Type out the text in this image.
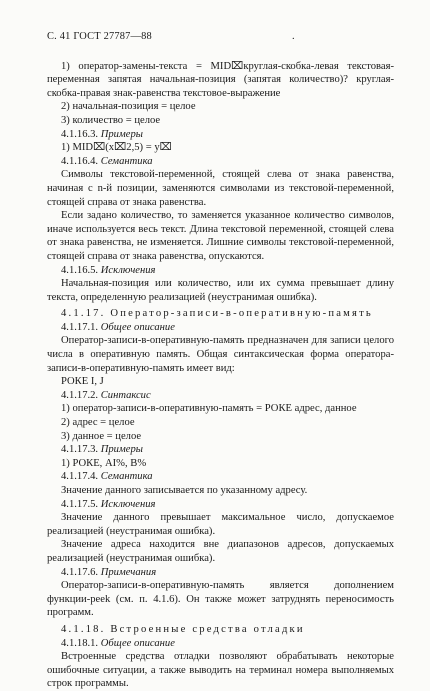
С. 41 ГОСТ 27787—88	.

1) оператор-замены-текста = MID⌧круглая-скобка-левая текстовая-переменная запятая начальная-позиция (запятая количество)? круглая-скобка-правая знак-равенства текстовое-выражение

2) начальная-позиция = целое

3) количество = целое

4.1.16.3. Примеры

1) MID⌧(х⌧2,5) = у⌧

4.1.16.4. Семантика

Символы текстовой-переменной, стоящей слева от знака равенства, начиная с n-й позиции, заменяются символами из текстовой-переменной, стоящей справа от знака равенства.

Если задано количество, то заменяется указанное количество символов, иначе используется весь текст. Длина текстовой переменной, стоящей слева от знака равенства, не изменяется. Лишние символы текстовой-переменной, стоящей справа от знака равенства, опускаются.

4.1.16.5. Исключения

Начальная-позиция или количество, или их сумма превышает длину текста, определенную реализацией (неустранимая ошибка).

4.1.17. Оператор-записи-в-оперативную-память

4.1.17.1. Общее описание

Оператор-записи-в-оперативную-память предназначен для записи целого числа в оперативную память. Общая синтаксическая форма оператора-записи-в-оперативную-память имеет вид:

РОКЕ I, J

4.1.17.2. Синтаксис

1) оператор-записи-в-оперативную-память = РОКЕ адрес, данное

2) адрес = целое

3) данное = целое

4.1.17.3. Примеры

1) РОКЕ, AI%, B%

4.1.17.4. Семантика

Значение данного записывается по указанному адресу.

4.1.17.5. Исключения

Значение данного превышает максимальное число, допускаемое реализацией (неустранимая ошибка).

Значение адреса находится вне диапазонов адресов, допускаемых реализацией (неустранимая ошибка).

4.1.17.6. Примечания

Оператор-записи-в-оперативную-память является дополнением функции-peek (см. п. 4.1.6). Он также может затруднять переносимость программ.

4.1.18. Встроенные средства отладки

4.1.18.1. Общее описание

Встроенные средства отладки позволяют обрабатывать некоторые ошибочные ситуации, а также выводить на терминал номера выполняемых строк программы.
